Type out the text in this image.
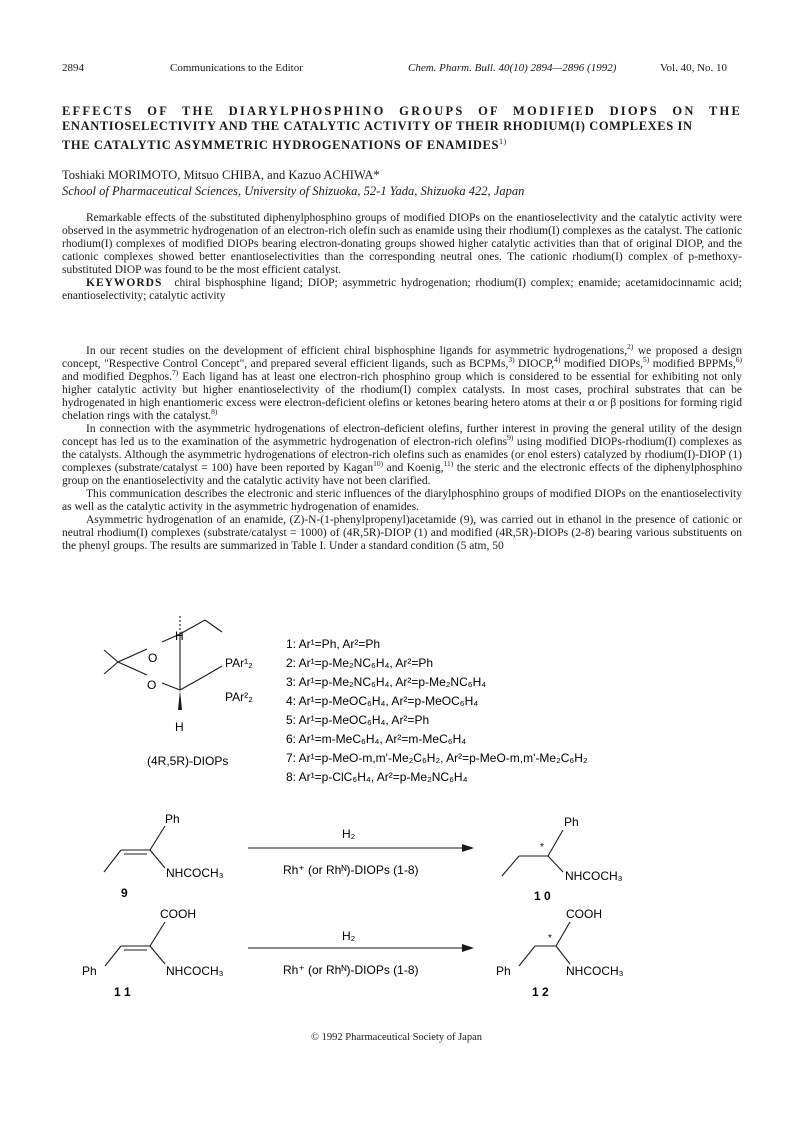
2894	Communications to the Editor	Chem. Pharm. Bull. 40(10) 2894—2896 (1992)	Vol. 40, No. 10
EFFECTS OF THE DIARYLPHOSPHINO GROUPS OF MODIFIED DIOPS ON THE
ENANTIOSELECTIVITY AND THE CATALYTIC ACTIVITY OF THEIR RHODIUM(I) COMPLEXES IN
THE CATALYTIC ASYMMETRIC HYDROGENATIONS OF ENAMIDES$^{1)}$
Toshiaki MORIMOTO, Mitsuo CHIBA, and Kazuo ACHIWA*
School of Pharmaceutical Sciences, University of Shizuoka, 52-1 Yada, Shizuoka 422, Japan

Remarkable effects of the substituted diphenylphosphino groups of modified DIOPs on the enantioselectivity and the catalytic activity were observed in the asymmetric hydrogenation of an electron-rich olefin such as enamide using their rhodium(I) complexes as the catalyst. The cationic rhodium(I) complexes of modified DIOPs bearing electron-donating groups showed higher catalytic activities than that of original DIOP, and the cationic complexes showed better enantioselectivities than the corresponding neutral ones. The cationic rhodium(I) complex of p-methoxy-substituted DIOP was found to be the most efficient catalyst.

KEYWORDS chiral bisphosphine ligand; DIOP; asymmetric hydrogenation; rhodium(I) complex; enamide; acetamidocinnamic acid; enantioselectivity; catalytic activity

In our recent studies on the development of efficient chiral bisphosphine ligands for asymmetric hydrogenations,$^{2)}$ we proposed a design concept, "Respective Control Concept", and prepared several efficient ligands, such as BCPMs,$^{3)}$ DIOCP,$^{4)}$ modified DIOPs,$^{5)}$ modified BPPMs,$^{6)}$ and modified Degphos.$^{7)}$ Each ligand has at least one electron-rich phosphino group which is considered to be essential for exhibiting not only higher catalytic activity but higher enantioselectivity of the rhodium(I) complex catalysts. In most cases, prochiral substrates that can be hydrogenated in high enantiomeric excess were electron-deficient olefins or ketones bearing hetero atoms at their α or β positions for forming rigid chelation rings with the catalyst.$^{8)}$

In connection with the asymmetric hydrogenations of electron-deficient olefins, further interest in proving the general utility of the design concept has led us to the examination of the asymmetric hydrogenation of electron-rich olefins$^{9)}$ using modified DIOPs-rhodium(I) complexes as the catalysts. Although the asymmetric hydrogenations of electron-rich olefins such as enamides (or enol esters) catalyzed by rhodium(I)-DIOP (1) complexes (substrate/catalyst = 100) have been reported by Kagan$^{10)}$ and Koenig,$^{11)}$ the steric and the electronic effects of the diphenylphosphino group on the enantioselectivity and the catalytic activity have not been clarified.

This communication describes the electronic and steric influences of the diarylphosphino groups of modified DIOPs on the enantioselectivity as well as the catalytic activity in the asymmetric hydrogenation of enamides.

Asymmetric hydrogenation of an enamide, (Z)-N-(1-phenylpropenyl)acetamide (9), was carried out in ethanol in the presence of cationic or neutral rhodium(I) complexes (substrate/catalyst = 1000) of (4R,5R)-DIOP (1) and modified (4R,5R)-DIOPs (2-8) bearing various substituents on the phenyl groups. The results are summarized in Table I. Under a standard condition (5 atm, 50

H
H
O
O
PAr¹₂
PAr²₂
(4R,5R)-DIOPs
1: Ar¹=Ph, Ar²=Ph
2: Ar¹=p-Me₂NC₆H₄, Ar²=Ph
3: Ar¹=p-Me₂NC₆H₄, Ar²=p-Me₂NC₆H₄
4: Ar¹=p-MeOC₆H₄, Ar²=p-MeOC₆H₄
5: Ar¹=p-MeOC₆H₄, Ar²=Ph
6: Ar¹=m-MeC₆H₄, Ar²=m-MeC₆H₄
7: Ar¹=p-MeO-m,m'-Me₂C₆H₂, Ar²=p-MeO-m,m'-Me₂C₆H₂
8: Ar¹=p-ClC₆H₄, Ar²=p-Me₂NC₆H₄
Ph
NHCOCH₃
9
H₂
Rh⁺ (or Rhᴺ)-DIOPs (1-8)
*
Ph
NHCOCH₃
1 0
Ph
COOH
NHCOCH₃
1 1
H₂
Rh⁺ (or Rhᴺ)-DIOPs (1-8)
*
Ph
COOH
NHCOCH₃
1 2
© 1992 Pharmaceutical Society of Japan
